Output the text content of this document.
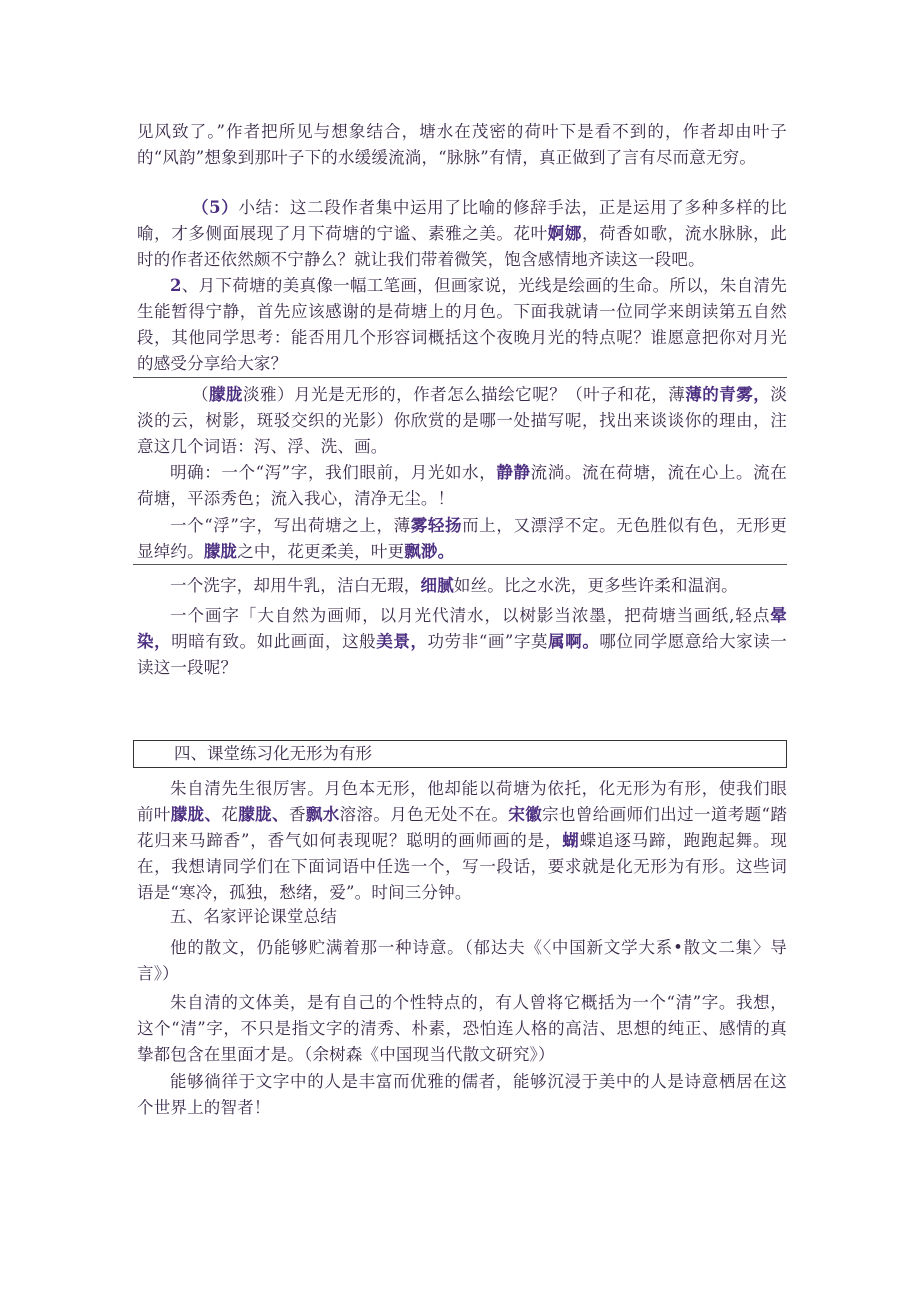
见风致了。”作者把所见与想象结合，塘水在茂密的荷叶下是看不到的，作者却由叶子的“风韵”想象到那叶子下的水缓缓流淌，“脉脉”有情，真正做到了言有尽而意无穷。

（5）小结：这二段作者集中运用了比喻的修辞手法，正是运用了多种多样的比喻，才多侧面展现了月下荷塘的宁谧、素雅之美。花叶婀娜，荷香如歌，流水脉脉，此时的作者还依然颇不宁静么？就让我们带着微笑，饱含感情地齐读这一段吧。

2、月下荷塘的美真像一幅工笔画，但画家说，光线是绘画的生命。所以，朱自清先生能暂得宁静，首先应该感谢的是荷塘上的月色。下面我就请一位同学来朗读第五自然段，其他同学思考：能否用几个形容词概括这个夜晚月光的特点呢？谁愿意把你对月光的感受分享给大家？

（朦胧淡雅）月光是无形的，作者怎么描绘它呢？（叶子和花，薄薄的青雾，淡淡的云，树影，斑驳交织的光影）你欣赏的是哪一处描写呢，找出来谈谈你的理由，注意这几个词语：泻、浮、洗、画。

明确：一个“泻”字，我们眼前，月光如水，静静流淌。流在荷塘，流在心上。流在荷塘，平添秀色；流入我心，清净无尘。！

一个“浮”字，写出荷塘之上，薄雾轻扬而上，又漂浮不定。无色胜似有色，无形更显绰约。朦胧之中，花更柔美，叶更飘渺。

一个洗字，却用牛乳，洁白无瑕，细腻如丝。比之水洗，更多些许柔和温润。

一个画字「大自然为画师，以月光代清水，以树影当浓墨，把荷塘当画纸,轻点晕染，明暗有致。如此画面，这般美景，功劳非“画”字莫属啊。哪位同学愿意给大家读一读这一段呢？

四、课堂练习化无形为有形

朱自清先生很厉害。月色本无形，他却能以荷塘为依托，化无形为有形，使我们眼前叶朦胧、花朦胧、香飘水溶溶。月色无处不在。宋徽宗也曾给画师们出过一道考题“踏花归来马蹄香”，香气如何表现呢？聪明的画师画的是，蝴蝶追逐马蹄，跑跑起舞。现在，我想请同学们在下面词语中任选一个，写一段话，要求就是化无形为有形。这些词语是“寒冷，孤独，愁绪，爱”。时间三分钟。

五、名家评论课堂总结

他的散文，仍能够贮满着那一种诗意。（郁达夫《〈中国新文学大系•散文二集〉导言》）

朱自清的文体美，是有自己的个性特点的，有人曾将它概括为一个“清”字。我想，这个“清”字，不只是指文字的清秀、朴素，恐怕连人格的高洁、思想的纯正、感情的真挚都包含在里面才是。（余树森《中国现当代散文研究》）

能够徜徉于文字中的人是丰富而优雅的儒者，能够沉浸于美中的人是诗意栖居在这个世界上的智者！
